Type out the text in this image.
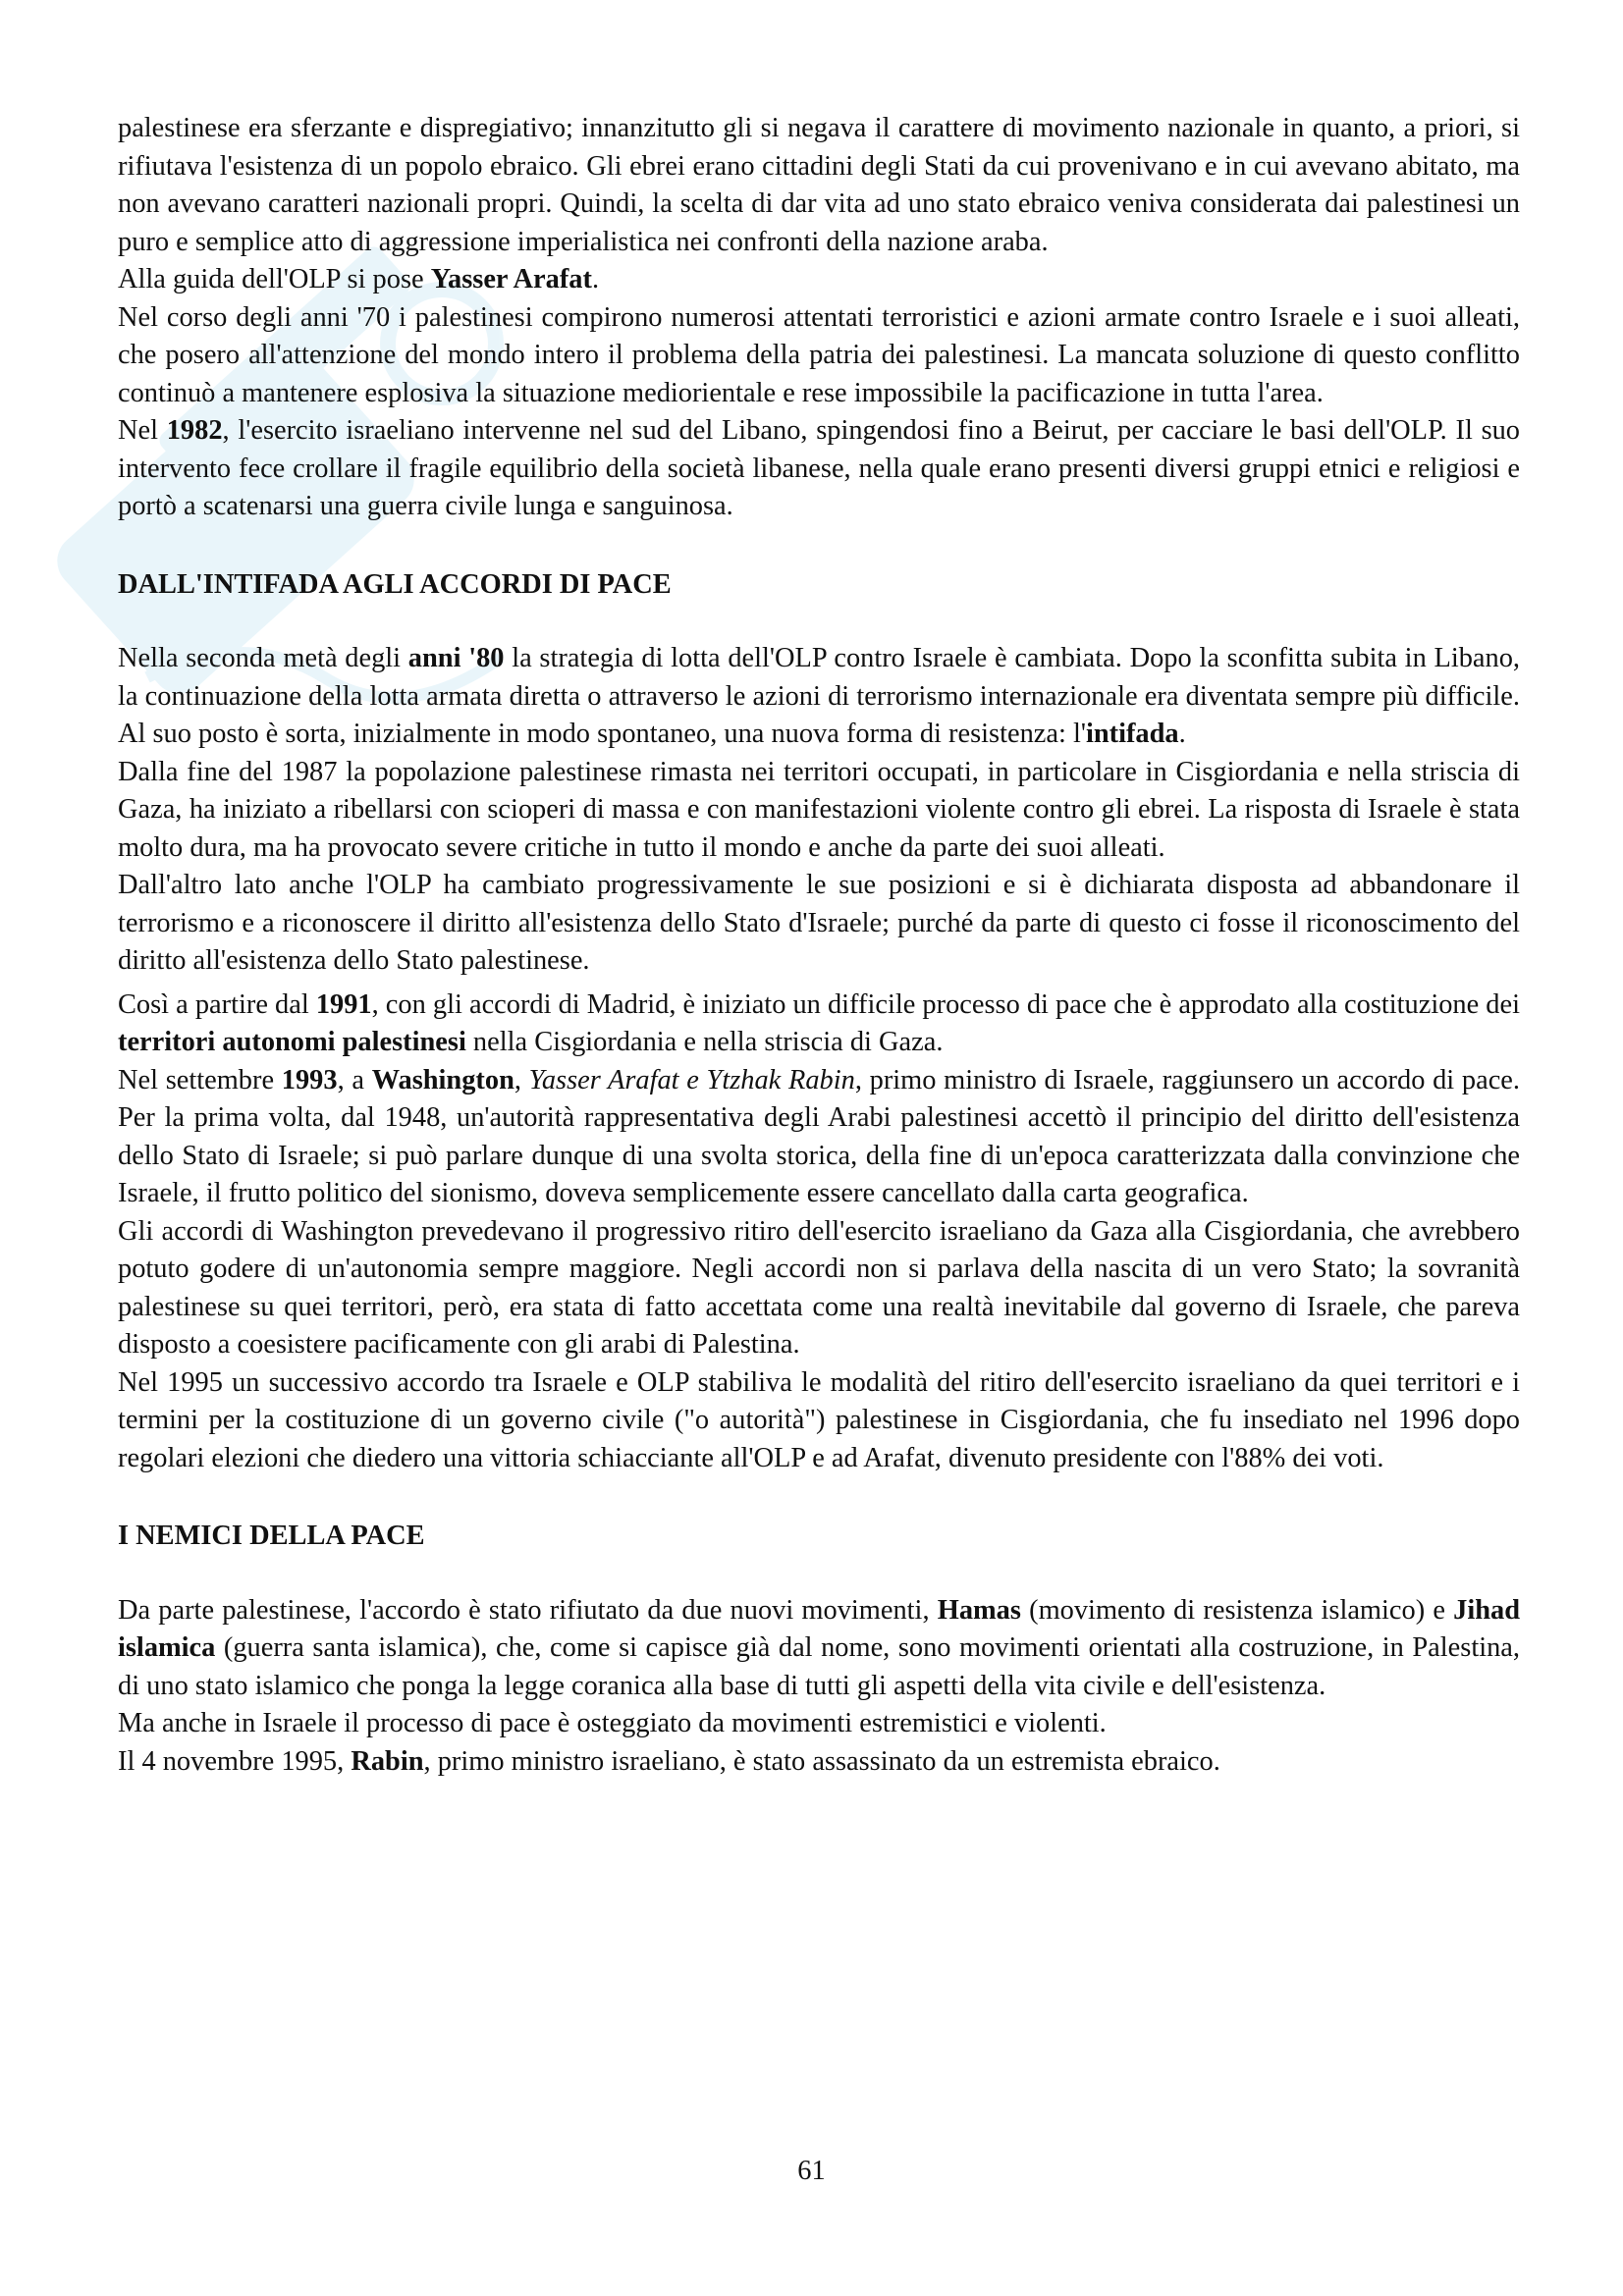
palestinese era sferzante e dispregiativo; innanzitutto gli si negava il carattere di movimento nazionale in quanto, a priori, si rifiutava l'esistenza di un popolo ebraico. Gli ebrei erano cittadini degli Stati da cui provenivano e in cui avevano abitato, ma non avevano caratteri nazionali propri. Quindi, la scelta di dar vita ad uno stato ebraico veniva considerata dai palestinesi un puro e semplice atto di aggressione imperialistica nei confronti della nazione araba.

Alla guida dell'OLP si pose Yasser Arafat.

Nel corso degli anni '70 i palestinesi compirono numerosi attentati terroristici e azioni armate contro Israele e i suoi alleati, che posero all'attenzione del mondo intero il problema della patria dei palestinesi. La mancata soluzione di questo conflitto continuò a mantenere esplosiva la situazione mediorientale e rese impossibile la pacificazione in tutta l'area.

Nel 1982, l'esercito israeliano intervenne nel sud del Libano, spingendosi fino a Beirut, per cacciare le basi dell'OLP. Il suo intervento fece crollare il fragile equilibrio della società libanese, nella quale erano presenti diversi gruppi etnici e religiosi e portò a scatenarsi una guerra civile lunga e sanguinosa.

DALL'INTIFADA AGLI ACCORDI DI PACE

Nella seconda metà degli anni '80 la strategia di lotta dell'OLP contro Israele è cambiata. Dopo la sconfitta subita in Libano, la continuazione della lotta armata diretta o attraverso le azioni di terrorismo internazionale era diventata sempre più difficile. Al suo posto è sorta, inizialmente in modo spontaneo, una nuova forma di resistenza: l'intifada.

Dalla fine del 1987 la popolazione palestinese rimasta nei territori occupati, in particolare in Cisgiordania e nella striscia di Gaza, ha iniziato a ribellarsi con scioperi di massa e con manifestazioni violente contro gli ebrei. La risposta di Israele è stata molto dura, ma ha provocato severe critiche in tutto il mondo e anche da parte dei suoi alleati.

Dall'altro lato anche l'OLP ha cambiato progressivamente le sue posizioni e si è dichiarata disposta ad abbandonare il terrorismo e a riconoscere il diritto all'esistenza dello Stato d'Israele; purché da parte di questo ci fosse il riconoscimento del diritto all'esistenza dello Stato palestinese.

Così a partire dal 1991, con gli accordi di Madrid, è iniziato un difficile processo di pace che è approdato alla costituzione dei territori autonomi palestinesi nella Cisgiordania e nella striscia di Gaza.

Nel settembre 1993, a Washington, Yasser Arafat e Ytzhak Rabin, primo ministro di Israele, raggiunsero un accordo di pace. Per la prima volta, dal 1948, un'autorità rappresentativa degli Arabi palestinesi accettò il principio del diritto dell'esistenza dello Stato di Israele; si può parlare dunque di una svolta storica, della fine di un'epoca caratterizzata dalla convinzione che Israele, il frutto politico del sionismo, doveva semplicemente essere cancellato dalla carta geografica.

Gli accordi di Washington prevedevano il progressivo ritiro dell'esercito israeliano da Gaza alla Cisgiordania, che avrebbero potuto godere di un'autonomia sempre maggiore. Negli accordi non si parlava della nascita di un vero Stato; la sovranità palestinese su quei territori, però, era stata di fatto accettata come una realtà inevitabile dal governo di Israele, che pareva disposto a coesistere pacificamente con gli arabi di Palestina.

Nel 1995 un successivo accordo tra Israele e OLP stabiliva le modalità del ritiro dell'esercito israeliano da quei territori e i termini per la costituzione di un governo civile ("o autorità") palestinese in Cisgiordania, che fu insediato nel 1996 dopo regolari elezioni che diedero una vittoria schiacciante all'OLP e ad Arafat, divenuto presidente con l'88% dei voti.

I NEMICI DELLA PACE

Da parte palestinese, l'accordo è stato rifiutato da due nuovi movimenti, Hamas (movimento di resistenza islamico) e Jihad islamica (guerra santa islamica), che, come si capisce già dal nome, sono movimenti orientati alla costruzione, in Palestina, di uno stato islamico che ponga la legge coranica alla base di tutti gli aspetti della vita civile e dell'esistenza.

Ma anche in Israele il processo di pace è osteggiato da movimenti estremistici e violenti.

Il 4 novembre 1995, Rabin, primo ministro israeliano, è stato assassinato da un estremista ebraico.

61
